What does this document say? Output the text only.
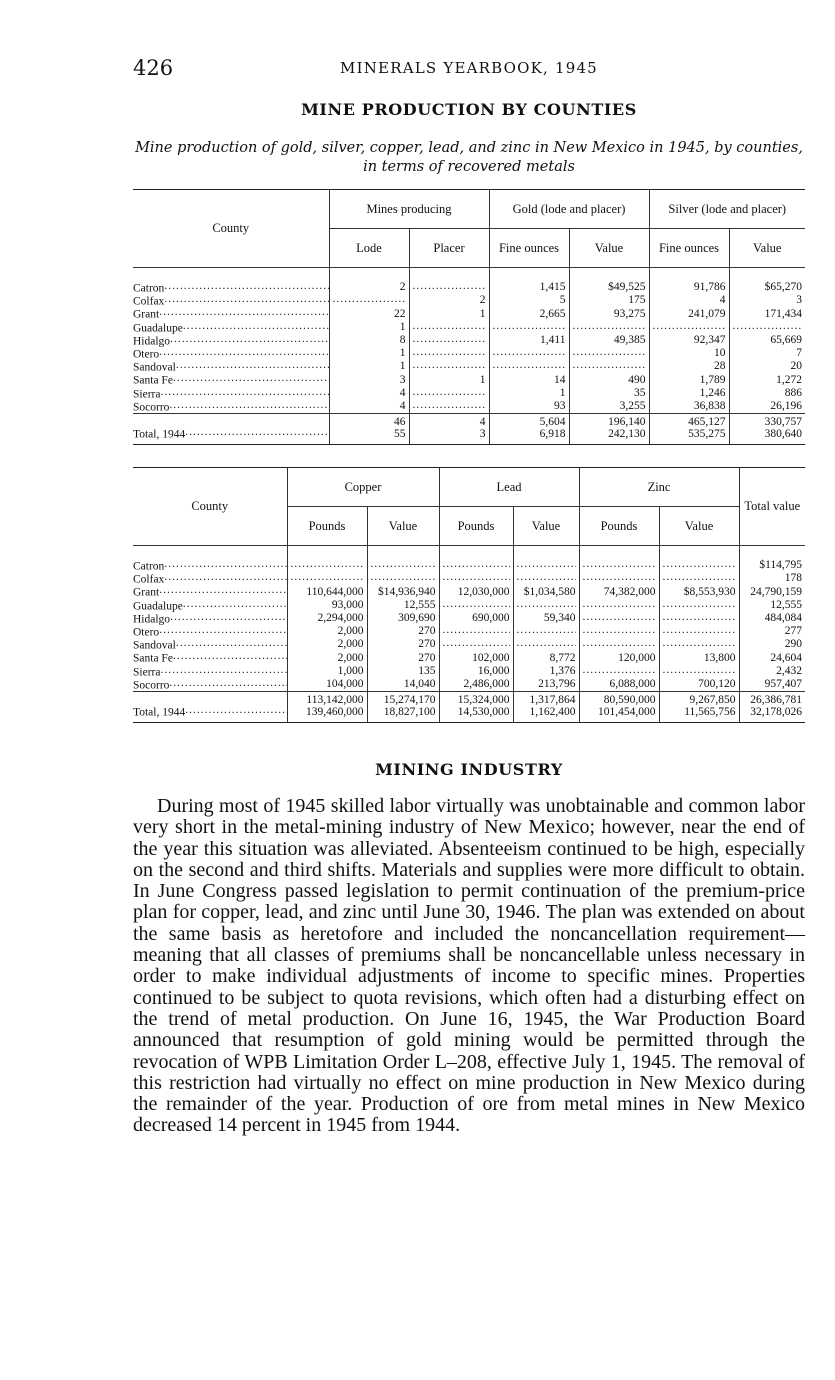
426	MINERALS YEARBOOK, 1945
MINE PRODUCTION BY COUNTIES
Mine production of gold, silver, copper, lead, and zinc in New Mexico in 1945, by counties, in terms of recovered metals
County	Mines producing		Gold (lode and placer)		Silver (lode and placer)	
	Lode	Placer	Fine ounces	Value	Fine ounces	Value

Catron.....	2	.....	1,415	$49,525	91,786	$65,270
Colfax.....	.....	2	5	175	4	3
Grant.....	22	1	2,665	93,275	241,079	171,434
Guadalupe.....	1	.....	.....	.....	.....	.....
Hidalgo.....	8	.....	1,411	49,385	92,347	65,669
Otero.....	1	.....	.....	.....	10	7
Sandoval.....	1	.....	.....	.....	28	20
Santa Fe.....	3	1	14	490	1,789	1,272
Sierra.....	4	.....	1	35	1,246	886
Socorro.....	4	.....	93	3,255	36,838	26,196
	46	4	5,604	196,140	465,127	330,757
Total, 1944.....	55	3	6,918	242,130	535,275	380,640
County	Copper		Lead		Zinc		Total value
	Pounds	Value	Pounds	Value	Pounds	Value	

Catron.....	.....	.....	.....	.....	.....	.....	$114,795
Colfax.....	.....	.....	.....	.....	.....	.....	178
Grant.....	110,644,000	$14,936,940	12,030,000	$1,034,580	74,382,000	$8,553,930	24,790,159
Guadalupe.....	93,000	12,555	.....	.....	.....	.....	12,555
Hidalgo.....	2,294,000	309,690	690,000	59,340	.....	.....	484,084
Otero.....	2,000	270	.....	.....	.....	.....	277
Sandoval.....	2,000	270	.....	.....	.....	.....	290
Santa Fe.....	2,000	270	102,000	8,772	120,000	13,800	24,604
Sierra.....	1,000	135	16,000	1,376	.....	.....	2,432
Socorro.....	104,000	14,040	2,486,000	213,796	6,088,000	700,120	957,407
	113,142,000	15,274,170	15,324,000	1,317,864	80,590,000	9,267,850	26,386,781
Total, 1944.....	139,460,000	18,827,100	14,530,000	1,162,400	101,454,000	11,565,756	32,178,026
MINING INDUSTRY

During most of 1945 skilled labor virtually was unobtainable and common labor very short in the metal-mining industry of New Mexico; however, near the end of the year this situation was alleviated. Absenteeism continued to be high, especially on the second and third shifts. Materials and supplies were more difficult to obtain. In June Congress passed legislation to permit continuation of the premium-price plan for copper, lead, and zinc until June 30, 1946. The plan was extended on about the same basis as heretofore and included the noncancellation requirement—meaning that all classes of premiums shall be noncancellable unless necessary in order to make individual adjustments of income to specific mines. Properties continued to be subject to quota revisions, which often had a disturbing effect on the trend of metal production. On June 16, 1945, the War Production Board announced that resumption of gold mining would be permitted through the revocation of WPB Limitation Order L–208, effective July 1, 1945. The removal of this restriction had virtually no effect on mine production in New Mexico during the remainder of the year. Production of ore from metal mines in New Mexico decreased 14 percent in 1945 from 1944.
